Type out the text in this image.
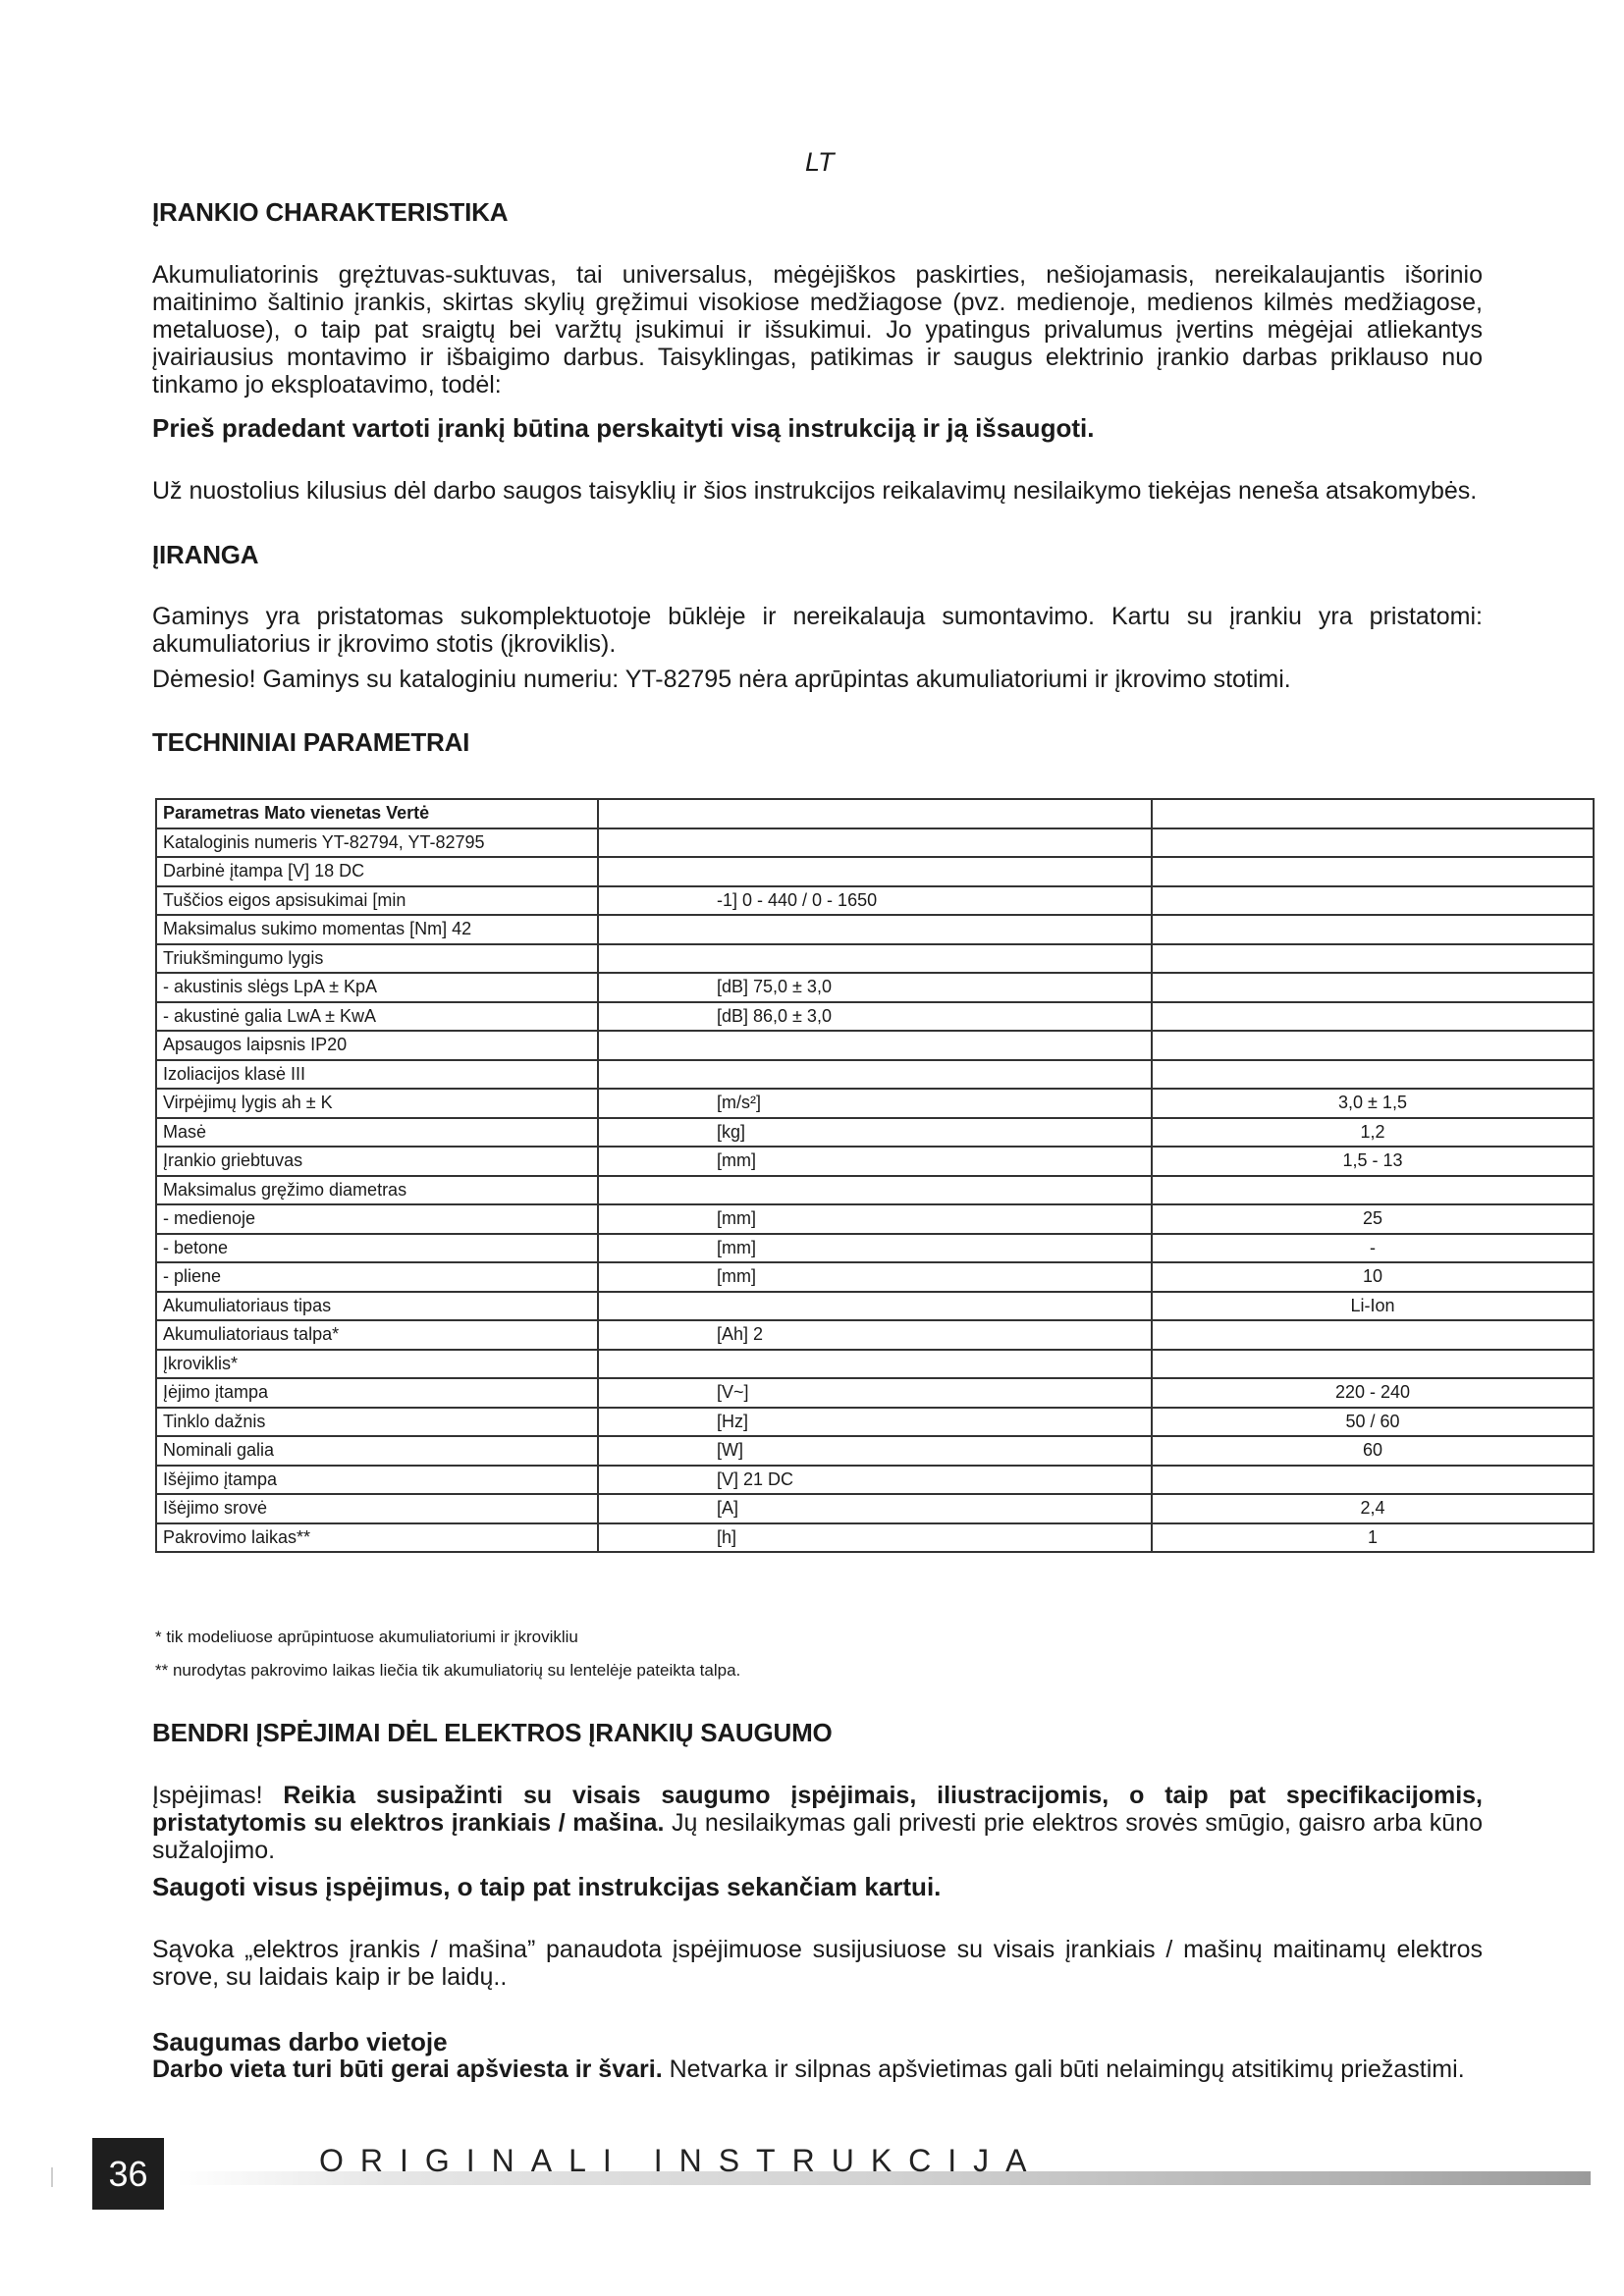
LT
ĮRANKIO CHARAKTERISTIKA

Akumuliatorinis grężtuvas-suktuvas, tai universalus, mėgėjiškos paskirties, nešiojamasis, nereikalaujantis išorinio maitinimo šaltinio įrankis, skirtas skylių gręžimui visokiose medžiagose (pvz. medienoje, medienos kilmės medžiagose, metaluose), o taip pat sraigtų bei varžtų įsukimui ir išsukimui. Jo ypatingus privalumus įvertins mėgėjai atliekantys įvairiausius montavimo ir išbaigimo darbus. Taisyklingas, patikimas ir saugus elektrinio įrankio darbas priklauso nuo tinkamo jo eksploatavimo, todėl:

Prieš pradedant vartoti įrankį būtina perskaityti visą instrukciją ir ją išsaugoti.

Už nuostolius kilusius dėl darbo saugos taisyklių ir šios instrukcijos reikalavimų nesilaikymo tiekėjas neneša atsakomybės.

ĮIRANGA

Gaminys yra pristatomas sukomplektuotoje būklėje ir nereikalauja sumontavimo. Kartu su įrankiu yra pristatomi: akumuliatorius ir įkrovimo stotis (įkroviklis).

Dėmesio! Gaminys su kataloginiu numeriu: YT-82795 nėra aprūpintas akumuliatoriumi ir įkrovimo stotimi.

TECHNINIAI PARAMETRAI
Parametras Mato vienetas Vertė		
Kataloginis numeris YT-82794, YT-82795		
Darbinė įtampa [V] 18 DC		
Tuščios eigos apsisukimai [min	-1] 0 - 440 / 0 - 1650	
Maksimalus sukimo momentas [Nm] 42		
Triukšmingumo lygis		
- akustinis slėgs LpA ± KpA	[dB] 75,0 ± 3,0	
- akustinė galia LwA ± KwA	[dB] 86,0 ± 3,0	
Apsaugos laipsnis IP20		
Izoliacijos klasė III		
Virpėjimų lygis ah ± K	[m/s²]	3,0 ± 1,5
Masė	[kg]	1,2
Įrankio griebtuvas	[mm]	1,5 - 13
Maksimalus gręžimo diametras		
- medienoje	[mm]	25
- betone	[mm]	-
- pliene	[mm]	10
Akumuliatoriaus tipas		Li-Ion
Akumuliatoriaus talpa*	[Ah] 2	
Įkroviklis*		
Įėjimo įtampa	[V~]	220 - 240
Tinklo dažnis	[Hz]	50 / 60
Nominali galia	[W]	60
Išėjimo įtampa	[V] 21 DC	
Išėjimo srovė	[A]	2,4
Pakrovimo laikas**	[h]	1
* tik modeliuose aprūpintuose akumuliatoriumi ir įkrovikliu
** nurodytas pakrovimo laikas liečia tik akumuliatorių su lentelėje pateikta talpa.
BENDRI ĮSPĖJIMAI DĖL ELEKTROS ĮRANKIŲ SAUGUMO

Įspėjimas! Reikia susipažinti su visais saugumo įspėjimais, iliustracijomis, o taip pat specifikacijomis, pristatytomis su elektros įrankiais / mašina. Jų nesilaikymas gali privesti prie elektros srovės smūgio, gaisro arba kūno sužalojimo.

Saugoti visus įspėjimus, o taip pat instrukcijas sekančiam kartui.

Sąvoka „elektros įrankis / mašina” panaudota įspėjimuose susijusiuose su visais įrankiais / mašinų maitinamų elektros srove, su laidais kaip ir be laidų..

Saugumas darbo vietoje

Darbo vieta turi būti gerai apšviesta ir švari. Netvarka ir silpnas apšvietimas gali būti nelaimingų atsitikimų priežastimi.

36	ORIGINALI INSTRUKCIJA
